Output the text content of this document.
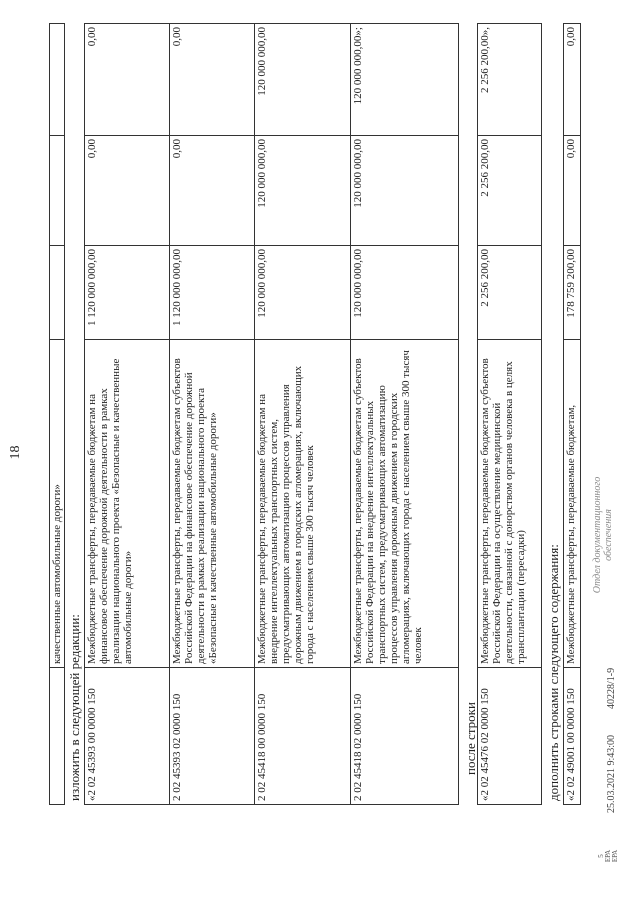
18
	качественные автомобильные дороги»			
изложить в следующей редакции: «2 02 45393 00 0000 150	Межбюджетные трансферты, передаваемые бюджетам на финансовое обеспечение дорожной деятельности в рамках реализации национального проекта «Безопасные и качественные автомобильные дороги»	1 120 000 000,00	0,00	0,00
2 02 45393 02 0000 150	Межбюджетные трансферты, передаваемые бюджетам субъектов Российской Федерации на финансовое обеспечение дорожной деятельности в рамках реализации национального проекта «Безопасные и качественные автомобильные дороги»	1 120 000 000,00	0,00	0,00
2 02 45418 00 0000 150	Межбюджетные трансферты, передаваемые бюджетам на внедрение интеллектуальных транспортных систем, предусматривающих автоматизацию процессов управления дорожным движением в городских агломерациях, включающих города с населением свыше 300 тысяч человек	120 000 000,00	120 000 000,00	120 000 000,00
2 02 45418 02 0000 150	Межбюджетные трансферты, передаваемые бюджетам субъектов Российской Федерации на внедрение интеллектуальных транспортных систем, предусматривающих автоматизацию процессов управления дорожным движением в городских агломерациях, включающих города с населением свыше 300 тысяч человек	120 000 000,00	120 000 000,00	120 000 000,00»;
после строки «2 02 45476 02 0000 150	Межбюджетные трансферты, передаваемые бюджетам субъектов Российской Федерации на осуществление медицинской деятельности, связанной с донорством органов человека в целях трансплантации (пересадки)	2 256 200,00	2 256 200,00	2 256 200,00»,
дополнить строками следующего содержания: «2 02 49001 00 0000 150	Межбюджетные трансферты, передаваемые бюджетам,	178 759 200,00	0,00	0,00
5 ЕРА ЕРА
25.03.2021 9:43:00
40228/1-9
Отдел документационного обеспечения
